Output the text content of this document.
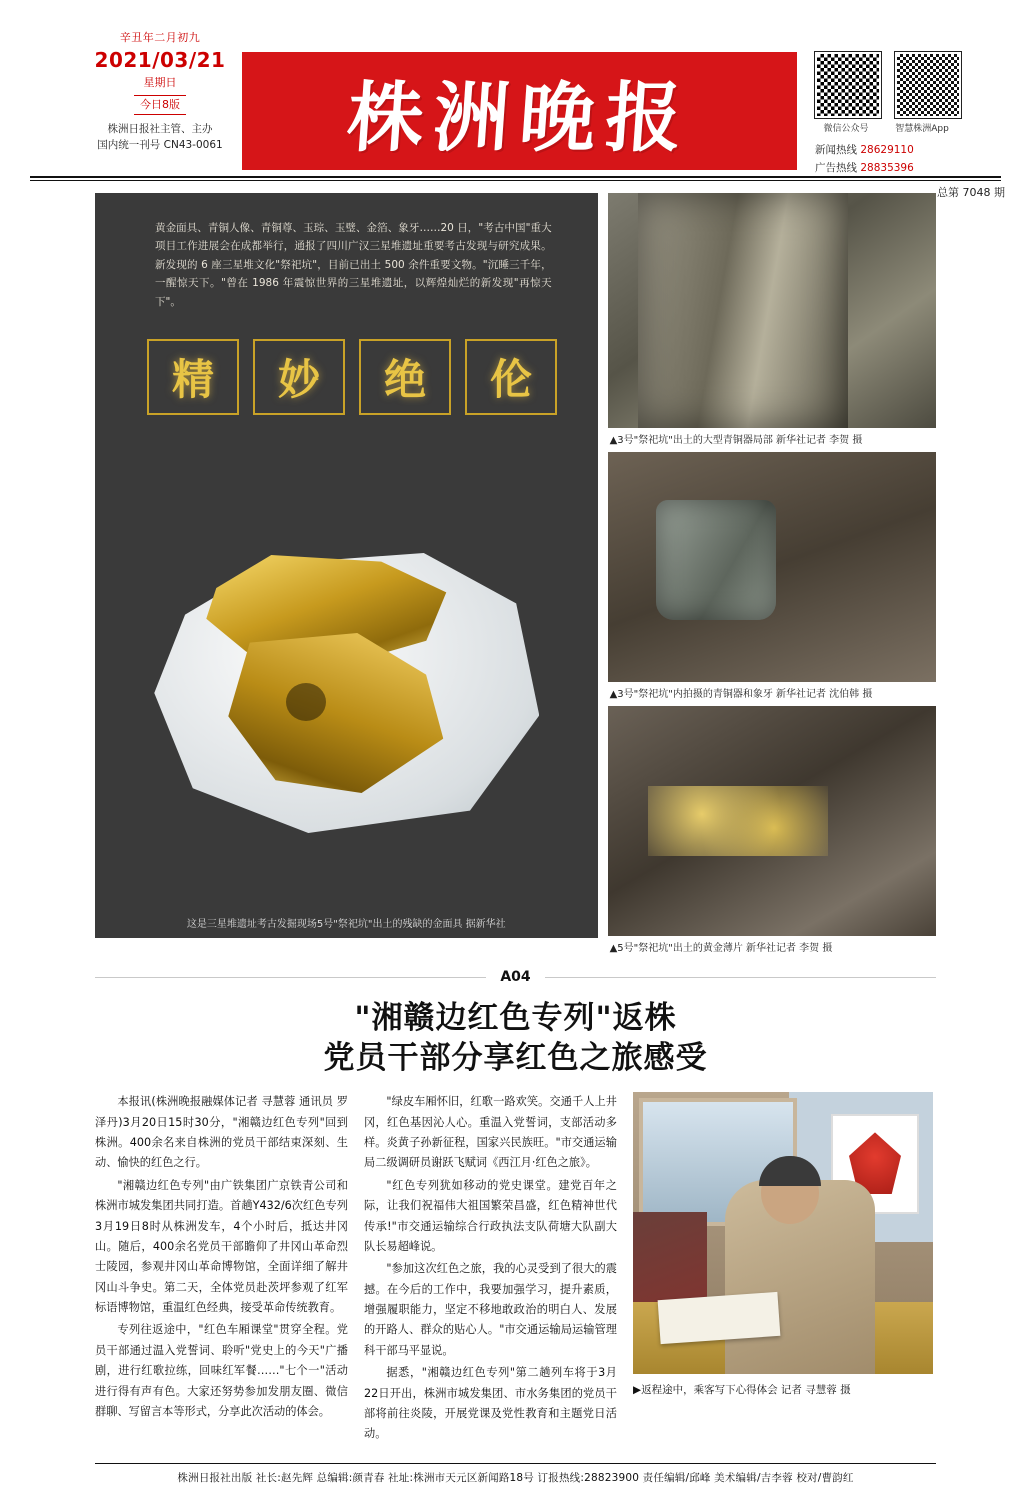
辛丑年二月初九
2021/03/21
星期日
今日8版
株洲日报社主管、主办
国内统一刊号 CN43-0061 株洲晚报	微信公众号	智慧株洲App
新闻热线 28629110
广告热线 28835396
总第 7048 期
黄金面具、青铜人像、青铜尊、玉琮、玉璧、金箔、象牙……20 日，"考古中国"重大项目工作进展会在成都举行，通报了四川广汉三星堆遗址重要考古发现与研究成果。新发现的 6 座三星堆文化"祭祀坑"，目前已出土 500 余件重要文物。"沉睡三千年，一醒惊天下。"曾在 1986 年震惊世界的三星堆遗址，以辉煌灿烂的新发现"再惊天下"。
精	妙	绝	伦
这是三星堆遗址考古发掘现场5号"祭祀坑"出土的残缺的金面具 据新华社
▲3号"祭祀坑"出土的大型青铜器局部 新华社记者 李贺 摄
▲3号"祭祀坑"内拍摄的青铜器和象牙 新华社记者 沈伯韩 摄
▲5号"祭祀坑"出土的黄金薄片 新华社记者 李贺 摄
A04
"湘赣边红色专列"返株
党员干部分享红色之旅感受

本报讯(株洲晚报融媒体记者 寻慧蓉 通讯员 罗泽丹)3月20日15时30分，"湘赣边红色专列"回到株洲。400余名来自株洲的党员干部结束深刻、生动、愉快的红色之行。

"湘赣边红色专列"由广铁集团广京铁青公司和株洲市城发集团共同打造。首趟Y432/6次红色专列3月19日8时从株洲发车，4个小时后，抵达井冈山。随后，400余名党员干部瞻仰了井冈山革命烈士陵园，参观井冈山革命博物馆，全面详细了解井冈山斗争史。第二天，全体党员赴茨坪参观了红军标语博物馆，重温红色经典，接受革命传统教育。

专列往返途中，"红色车厢课堂"贯穿全程。党员干部通过温入党誓词、聆听"党史上的今天"广播剧，进行红歌拉练，回味红军餐……"七个一"活动进行得有声有色。大家还努势参加发朋友圈、微信群聊、写留言本等形式，分享此次活动的体会。

"绿皮车厢怀旧，红歌一路欢笑。交通千人上井冈，红色基因沁人心。重温入党誓词，支部活动多样。炎黄子孙新征程，国家兴民族旺。"市交通运输局二级调研员谢跃飞赋词《西江月·红色之旅》。

"红色专列犹如移动的党史课堂。建党百年之际，让我们祝福伟大祖国繁荣昌盛，红色精神世代传承!"市交通运输综合行政执法支队荷塘大队副大队长易超峰说。

"参加这次红色之旅，我的心灵受到了很大的震撼。在今后的工作中，我要加强学习，提升素质，增强履职能力，坚定不移地敢政治的明白人、发展的开路人、群众的贴心人。"市交通运输局运输管理科干部马平显说。

据悉，"湘赣边红色专列"第二趟列车将于3月22日开出，株洲市城发集团、市水务集团的党员干部将前往炎陵，开展党课及党性教育和主题党日活动。

▶返程途中，乘客写下心得体会 记者 寻慧蓉 摄
株洲日报社出版 社长:赵先辉 总编辑:颜青春 社址:株洲市天元区新闻路18号 订报热线:28823900 责任编辑/邱峰 美术编辑/吉李蓉 校对/曹韵红
